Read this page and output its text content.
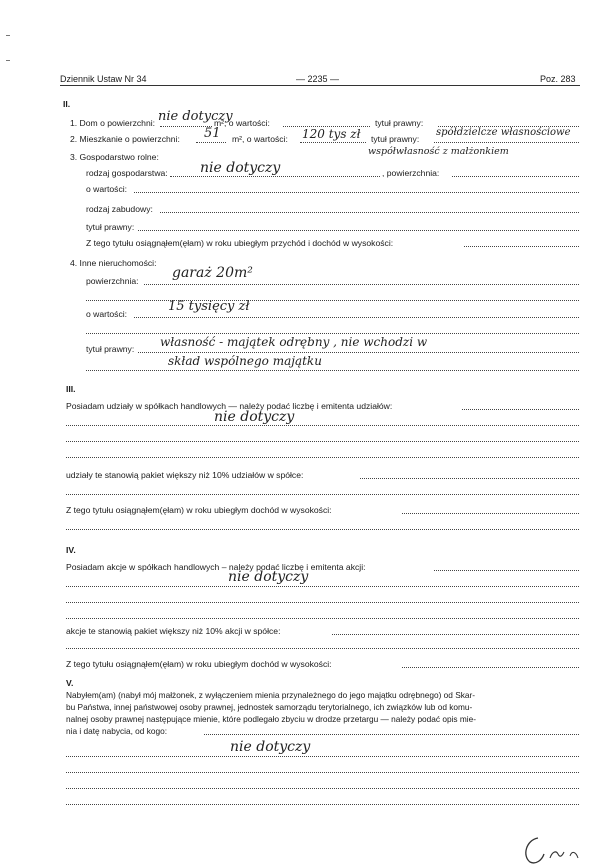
Dziennik Ustaw Nr 34	— 2235 —	Poz. 283
II.
1. Dom o powierzchni: nie dotyczy
m², o wartości:	tytuł prawny:
2. Mieszkanie o powierzchni: 51 m², o wartości: 120 tys zł tytuł prawny:
spółdzielcze własnościowe
współwłasność z małżonkiem
3. Gospodarstwo rolne:
rodzaj gospodarstwa: nie dotyczy	, powierzchnia:
o wartości:
rodzaj zabudowy:
tytuł prawny:
Z tego tytułu osiągnąłem(ęłam) w roku ubiegłym przychód i dochód w wysokości:
4. Inne nieruchomości:
powierzchnia: garaż 20m²
o wartości:	15 tysięcy zł
tytuł prawny: własność - majątek odrębny , nie wchodzi w
skład wspólnego majątku
III.
Posiadam udziały w spółkach handlowych — należy podać liczbę i emitenta udziałów:
nie dotyczy
udziały te stanowią pakiet większy niż 10% udziałów w spółce:
Z tego tytułu osiągnąłem(ęłam) w roku ubiegłym dochód w wysokości:
IV.
Posiadam akcje w spółkach handlowych – należy podać liczbę i emitenta akcji:
nie dotyczy
akcje te stanowią pakiet większy niż 10% akcji w spółce:
Z tego tytułu osiągnąłem(ęłam) w roku ubiegłym dochód w wysokości:
V.
Nabyłem(am) (nabył mój małżonek, z wyłączeniem mienia przynależnego do jego majątku odrębnego) od Skar-
bu Państwa, innej państwowej osoby prawnej, jednostek samorządu terytorialnego, ich związków lub od komu-
nalnej osoby prawnej następujące mienie, które podlegało zbyciu w drodze przetargu — należy podać opis mie-
nia i datę nabycia, od kogo:
nie dotyczy
